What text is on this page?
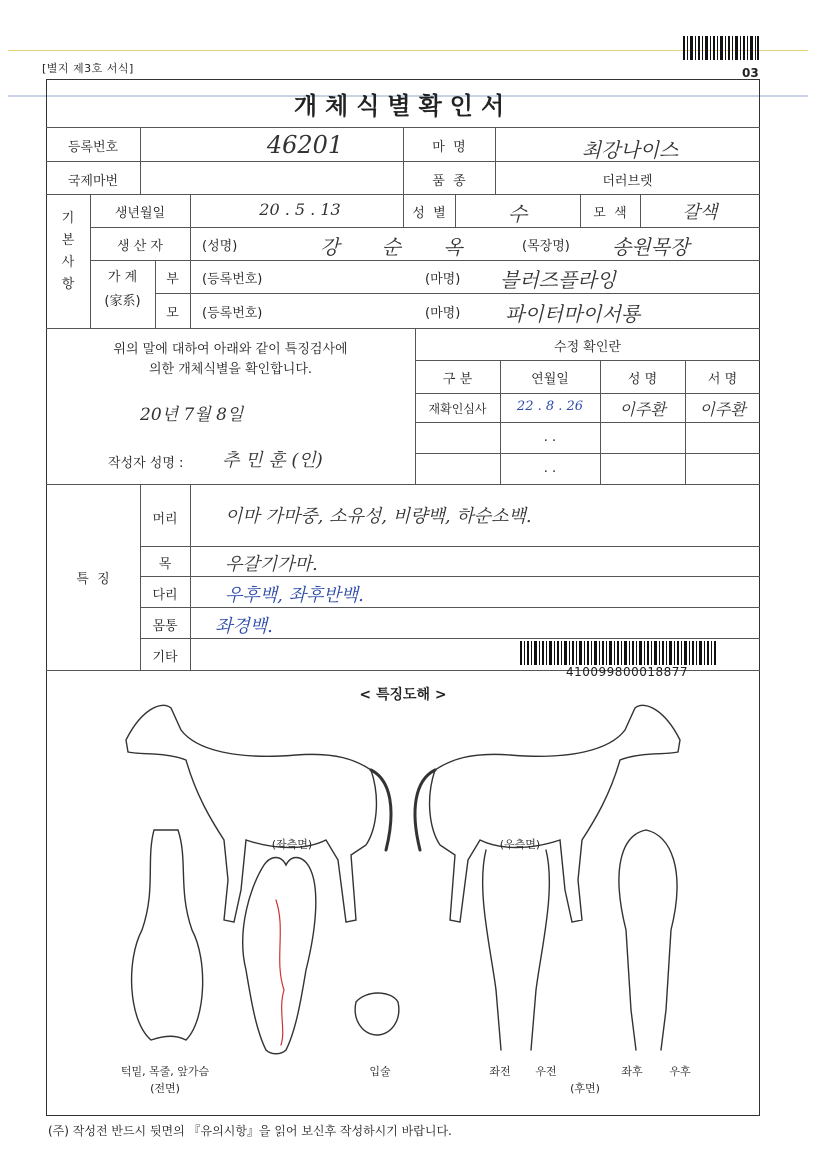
[별지 제3호 서식]	03
개체식별확인서
등록번호	46201	마  명	최강나이스
국제마번	품  종	더러브렛
기
본
사
항
생년월일	20 . 5 . 13	성  별	수	모  색	갈색
생 산 자	(성명)	강 순 옥	(목장명) 송원목장
가 계
(家系)
부	(등록번호)	(마명) 블러즈플라잉
모	(등록번호)	(마명) 파이터마이서룡
위의 말에 대하여 아래와 같이 특징검사에
의한 개체식별을 확인합니다.
20년 7월 8일
작성자 성명 : 추 민 훈 (인)
수정 확인란
구 분	연월일	성 명	서 명
재확인심사	22 . 8 . 26	이주환	이주환
. .
. .
특  징
머리	이마 가마중, 소유성, 비량백, 하순소백.
목	우갈기가마.
다리	우후백, 좌후반백.
몸통	좌경백.
기타
410099800018877
< 특징도해 >
(좌측면)	(우측면)
턱밑, 목줄, 앞가슴
(전면)
입술	좌전	우전	좌후	우후
(후면)
(주) 작성전 반드시 뒷면의 『유의시항』을 읽어 보신후 작성하시기 바랍니다.
